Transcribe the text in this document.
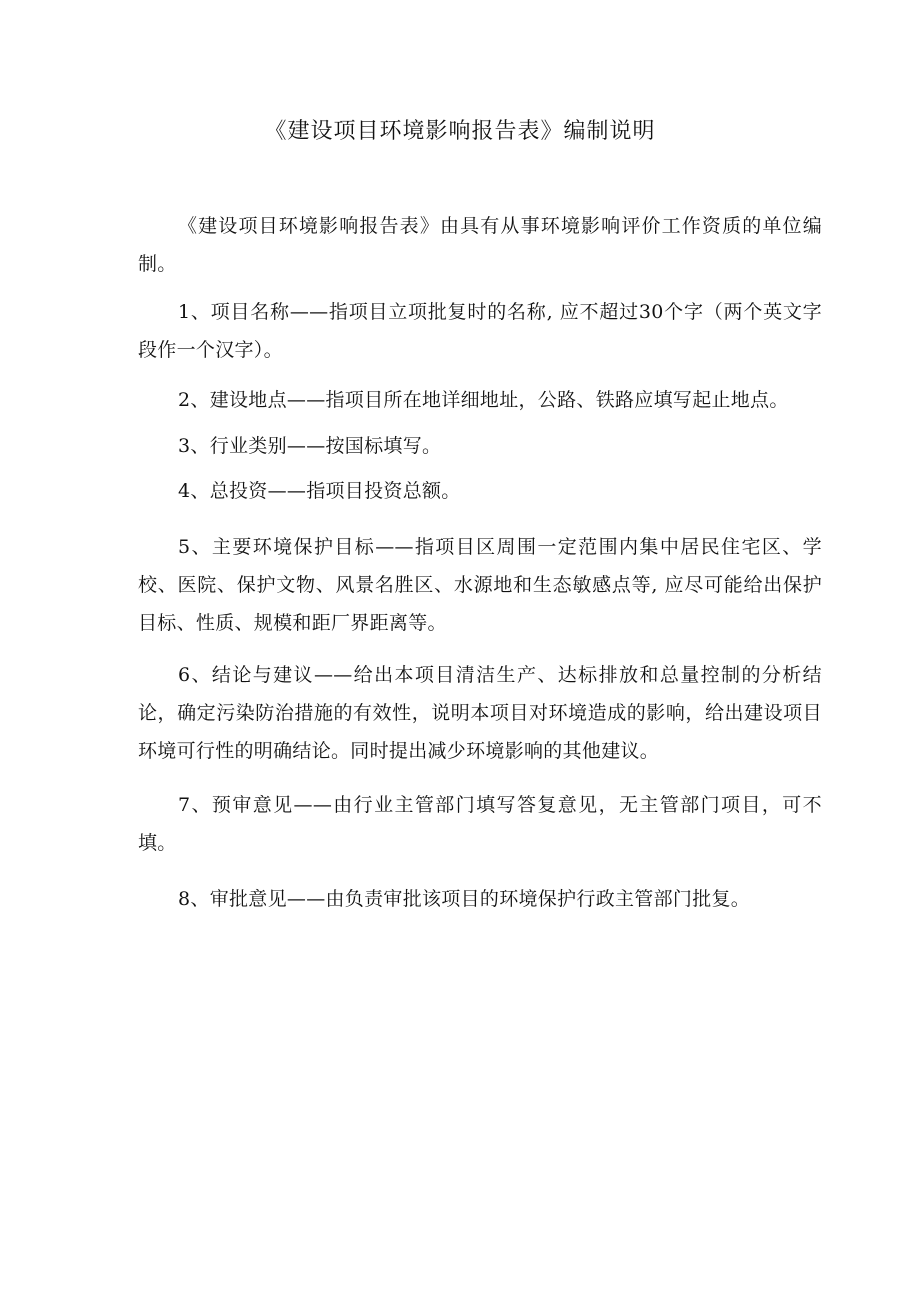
《建设项目环境影响报告表》编制说明
《建设项目环境影响报告表》由具有从事环境影响评价工作资质的单位编制。
1、项目名称——指项目立项批复时的名称, 应不超过30个字（两个英文字段作一个汉字）。
2、建设地点——指项目所在地详细地址，公路、铁路应填写起止地点。
3、行业类别——按国标填写。
4、总投资——指项目投资总额。
5、主要环境保护目标——指项目区周围一定范围内集中居民住宅区、学校、医院、保护文物、风景名胜区、水源地和生态敏感点等, 应尽可能给出保护目标、性质、规模和距厂界距离等。
6、结论与建议——给出本项目清洁生产、达标排放和总量控制的分析结论，确定污染防治措施的有效性，说明本项目对环境造成的影响，给出建设项目环境可行性的明确结论。同时提出减少环境影响的其他建议。
7、预审意见——由行业主管部门填写答复意见，无主管部门项目，可不填。
8、审批意见——由负责审批该项目的环境保护行政主管部门批复。
